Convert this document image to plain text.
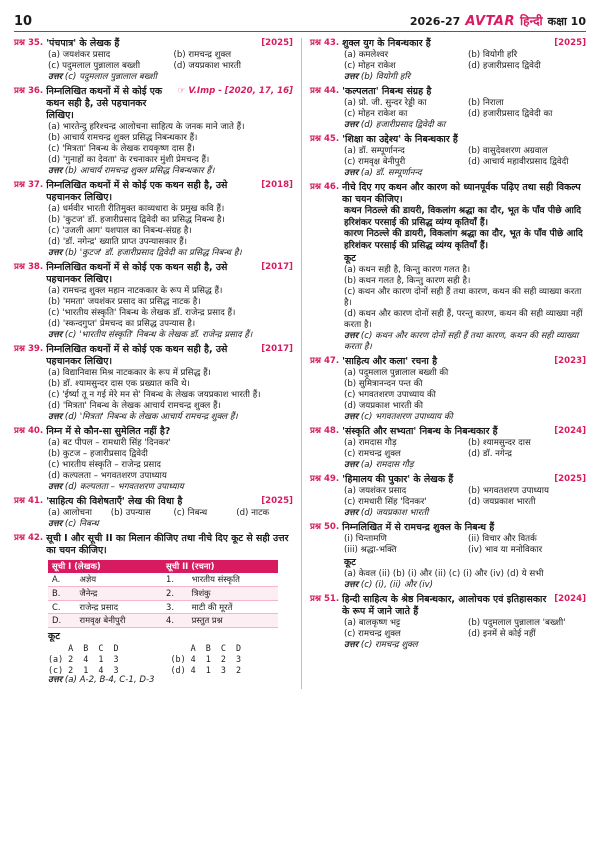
10	2026-27 AVTAR हिन्दी कक्षा 10
प्रश्न 35. 'पंचपात्र' के लेखक हैं	[2025]
(a) जयशंकर प्रसाद	(b) रामचन्द्र शुक्ल
(c) पदुमलाल पुन्नालाल बख्शी	(d) जयप्रकाश भारती
उत्तर (c) पदुमलाल पुन्नालाल बख्शी
प्रश्न 36. निम्नलिखित कथनों में से कोई एक कथन सही है, उसे पहचानकर लिखिए।
☞ V.Imp - [2020, 17, 16]
(a) भारतेन्दु हरिश्चन्द्र आलोचना साहित्य के जनक माने जाते हैं।
(b) आचार्य रामचन्द्र शुक्ल प्रसिद्ध निबन्धकार हैं।
(c) 'मित्रता' निबन्ध के लेखक रायकृष्ण दास हैं।
(d) 'गुनाहों का देवता' के रचनाकार मुंशी प्रेमचन्द हैं।
उत्तर (b) आचार्य रामचन्द्र शुक्ल प्रसिद्ध निबन्धकार हैं।
प्रश्न 37. निम्नलिखित कथनों में से कोई एक कथन सही है, उसे पहचानकर लिखिए।
[2018]
(a) धर्मवीर भारती रीतिमुक्त काव्यधारा के प्रमुख कवि हैं।
(b) 'कुटज' डॉ. हजारीप्रसाद द्विवेदी का प्रसिद्ध निबन्ध है।
(c) 'उजली आग' यशपाल का निबन्ध-संग्रह है।
(d) 'डॉ. नगेन्द्र' ख्याति प्राप्त उपन्यासकार हैं।
उत्तर (b) 'कुटज' डॉ. हजारीप्रसाद द्विवेदी का प्रसिद्ध निबन्ध है।
प्रश्न 38. निम्नलिखित कथनों में से कोई एक कथन सही है, उसे पहचानकर लिखिए।
[2017]
(a) रामचन्द्र शुक्ल महान नाटककार के रूप में प्रसिद्ध हैं।
(b) 'ममता' जयशंकर प्रसाद का प्रसिद्ध नाटक है।
(c) 'भारतीय संस्कृति' निबन्ध के लेखक डॉ. राजेन्द्र प्रसाद हैं।
(d) 'स्कन्दगुप्त' प्रेमचन्द का प्रसिद्ध उपन्यास है।
उत्तर (c) 'भारतीय संस्कृति' निबन्ध के लेखक डॉ. राजेन्द्र प्रसाद हैं।
प्रश्न 39. निम्नलिखित कथनों में से कोई एक कथन सही है, उसे पहचानकर लिखिए।
[2017]
(a) विद्यानिवास मिश्र नाटककार के रूप में प्रसिद्ध हैं।
(b) डॉ. श्यामसुन्दर दास एक प्रख्यात कवि थे।
(c) 'ईर्ष्या तू न गई मेरे मन से' निबन्ध के लेखक जयप्रकाश भारती हैं।
(d) 'मित्रता' निबन्ध के लेखक आचार्य रामचन्द्र शुक्ल हैं।
उत्तर (d) 'मित्रता' निबन्ध के लेखक आचार्य रामचन्द्र शुक्ल हैं।
प्रश्न 40. निम्न में से कौन-सा सुमेलित नहीं है?
(a) बट पीपल – रामधारी सिंह 'दिनकर'
(b) कुटज – हजारीप्रसाद द्विवेदी
(c) भारतीय संस्कृति – राजेन्द्र प्रसाद
(d) कल्पलता – भगवतशरण उपाध्याय
उत्तर (d) कल्पलता – भगवतशरण उपाध्याय
प्रश्न 41. 'साहित्य की विशेषताएँ' लेख की विधा है	[2025]
(a) आलोचना	(b) उपन्यास	(c) निबन्ध	(d) नाटक
उत्तर (c) निबन्ध
प्रश्न 42. सूची I और सूची II का मिलान कीजिए तथा नीचे दिए कूट से सही उत्तर का चयन कीजिए।
सूची I (लेखक)		सूची II (रचना)	
A.	अज्ञेय	1.	भारतीय संस्कृति
B.	जैनेन्द्र	2.	त्रिशंकु
C.	राजेन्द्र प्रसाद	3.	माटी की मूरतें
D.	रामवृक्ष बेनीपुरी	4.	प्रस्तुत प्रश्न
कूट
A  B  C  D	A  B  C  D
(a) 2  4  1  3	(b) 4  1  2  3
(c) 2  1  4  3	(d) 4  1  3  2
उत्तर (a) A-2, B-4, C-1, D-3
प्रश्न 43. शुक्ल युग के निबन्धकार हैं	[2025]
(a) कमलेश्वर	(b) वियोगी हरि
(c) मोहन राकेश	(d) हजारीप्रसाद द्विवेदी
उत्तर (b) वियोगी हरि
प्रश्न 44. 'कल्पलता' निबन्ध संग्रह है
(a) प्रो. जी. सुन्दर रेड्डी का	(b) निराला
(c) मोहन राकेश का	(d) हजारीप्रसाद द्विवेदी का
उत्तर (d) हजारीप्रसाद द्विवेदी का
प्रश्न 45. 'शिक्षा का उद्देश्य' के निबन्धकार हैं
(a) डॉ. सम्पूर्णानन्द	(b) वासुदेवशरण अग्रवाल
(c) रामवृक्ष बेनीपुरी	(d) आचार्य महावीरप्रसाद द्विवेदी
उत्तर (a) डॉ. सम्पूर्णानन्द
प्रश्न 46. नीचे दिए गए कथन और कारण को ध्यानपूर्वक पढ़िए तथा सही विकल्प का चयन कीजिए।
कथन निठल्ले की डायरी, विकलांग श्रद्धा का दौर, भूत के पाँव पीछे आदि हरिशंकर परसाई की प्रसिद्ध व्यंग्य कृतियाँ हैं।
कारण निठल्ले की डायरी, विकलांग श्रद्धा का दौर, भूत के पाँव पीछे आदि हरिशंकर परसाई की प्रसिद्ध व्यंग्य कृतियाँ हैं।
कूट
(a) कथन सही है, किन्तु कारण गलत है।
(b) कथन गलत है, किन्तु कारण सही है।
(c) कथन और कारण दोनों सही हैं तथा कारण, कथन की सही व्याख्या करता है।
(d) कथन और कारण दोनों सही हैं, परन्तु कारण, कथन की सही व्याख्या नहीं करता है।
उत्तर (c) कथन और कारण दोनों सही हैं तथा कारण, कथन की सही व्याख्या करता है।
प्रश्न 47. 'साहित्य और कला' रचना है	[2023]
(a) पदुमलाल पुन्नालाल बख्शी की
(b) सुमित्रानन्दन पन्त की
(c) भगवतशरण उपाध्याय की
(d) जयप्रकाश भारती की
उत्तर (c) भगवतशरण उपाध्याय की
प्रश्न 48. 'संस्कृति और सभ्यता' निबन्ध के निबन्धकार हैं	[2024]
(a) रामदास गौड़	(b) श्यामसुन्दर दास
(c) रामचन्द्र शुक्ल	(d) डॉ. नगेन्द्र
उत्तर (a) रामदास गौड़
प्रश्न 49. 'हिमालय की पुकार' के लेखक हैं	[2025]
(a) जयशंकर प्रसाद	(b) भगवतशरण उपाध्याय
(c) रामधारी सिंह 'दिनकर'	(d) जयप्रकाश भारती
उत्तर (d) जयप्रकाश भारती
प्रश्न 50. निम्नलिखित में से रामचन्द्र शुक्ल के निबन्ध हैं
(i) चिन्तामणि	(ii) विचार और वितर्क
(iii) श्रद्धा-भक्ति	(iv) भाव या मनोविकार
कूट
(a) केवल (ii) (b) (i) और (ii) (c) (i) और (iv) (d) ये सभी
उत्तर (c) (i), (ii) और (iv)
प्रश्न 51. हिन्दी साहित्य के श्रेष्ठ निबन्धकार, आलोचक एवं इतिहासकार के रूप में जाने जाते हैं
[2024]
(a) बालकृष्ण भट्ट	(b) पदुमलाल पुन्नालाल 'बख्शी'
(c) रामचन्द्र शुक्ल	(d) इनमें से कोई नहीं
उत्तर (c) रामचन्द्र शुक्ल
